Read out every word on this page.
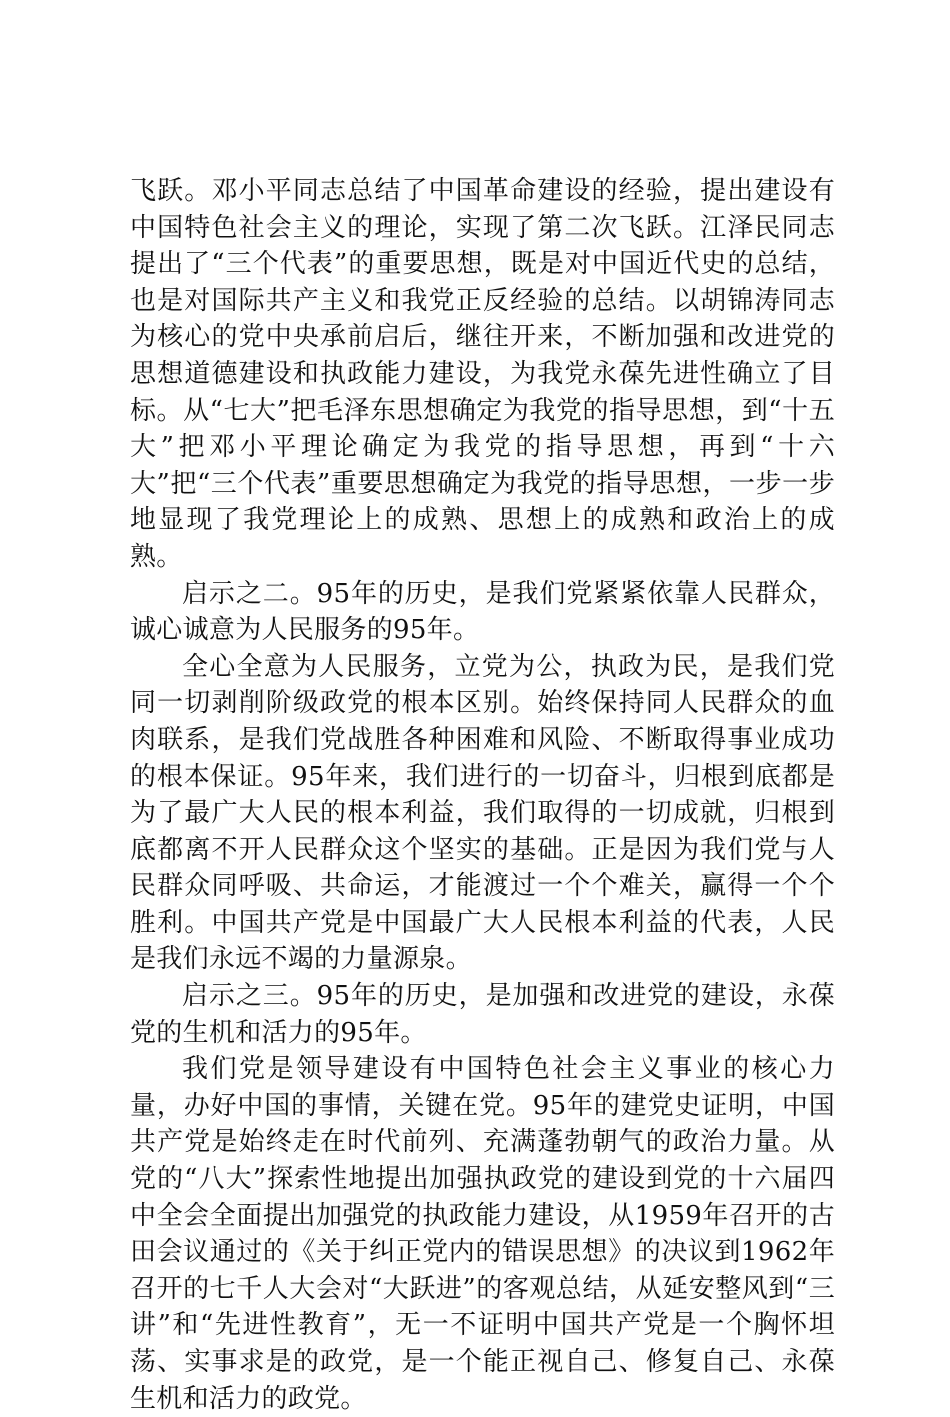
飞跃。邓小平同志总结了中国革命建设的经验，提出建设有中国特色社会主义的理论，实现了第二次飞跃。江泽民同志提出了“三个代表”的重要思想，既是对中国近代史的总结，也是对国际共产主义和我党正反经验的总结。以胡锦涛同志为核心的党中央承前启后，继往开来，不断加强和改进党的思想道德建设和执政能力建设，为我党永葆先进性确立了目标。从“七大”把毛泽东思想确定为我党的指导思想，到“十五大”把邓小平理论确定为我党的指导思想，再到“十六大”把“三个代表”重要思想确定为我党的指导思想，一步一步地显现了我党理论上的成熟、思想上的成熟和政治上的成熟。

启示之二。95年的历史，是我们党紧紧依靠人民群众，诚心诚意为人民服务的95年。

全心全意为人民服务，立党为公，执政为民，是我们党同一切剥削阶级政党的根本区别。始终保持同人民群众的血肉联系，是我们党战胜各种困难和风险、不断取得事业成功的根本保证。95年来，我们进行的一切奋斗，归根到底都是为了最广大人民的根本利益，我们取得的一切成就，归根到底都离不开人民群众这个坚实的基础。正是因为我们党与人民群众同呼吸、共命运，才能渡过一个个难关，赢得一个个胜利。中国共产党是中国最广大人民根本利益的代表，人民是我们永远不竭的力量源泉。

启示之三。95年的历史，是加强和改进党的建设，永葆党的生机和活力的95年。

我们党是领导建设有中国特色社会主义事业的核心力量，办好中国的事情，关键在党。95年的建党史证明，中国共产党是始终走在时代前列、充满蓬勃朝气的政治力量。从党的“八大”探索性地提出加强执政党的建设到党的十六届四中全会全面提出加强党的执政能力建设，从1959年召开的古田会议通过的《关于纠正党内的错误思想》的决议到1962年召开的七千人大会对“大跃进”的客观总结，从延安整风到“三讲”和“先进性教育”，无一不证明中国共产党是一个胸怀坦荡、实事求是的政党，是一个能正视自己、修复自己、永葆生机和活力的政党。
